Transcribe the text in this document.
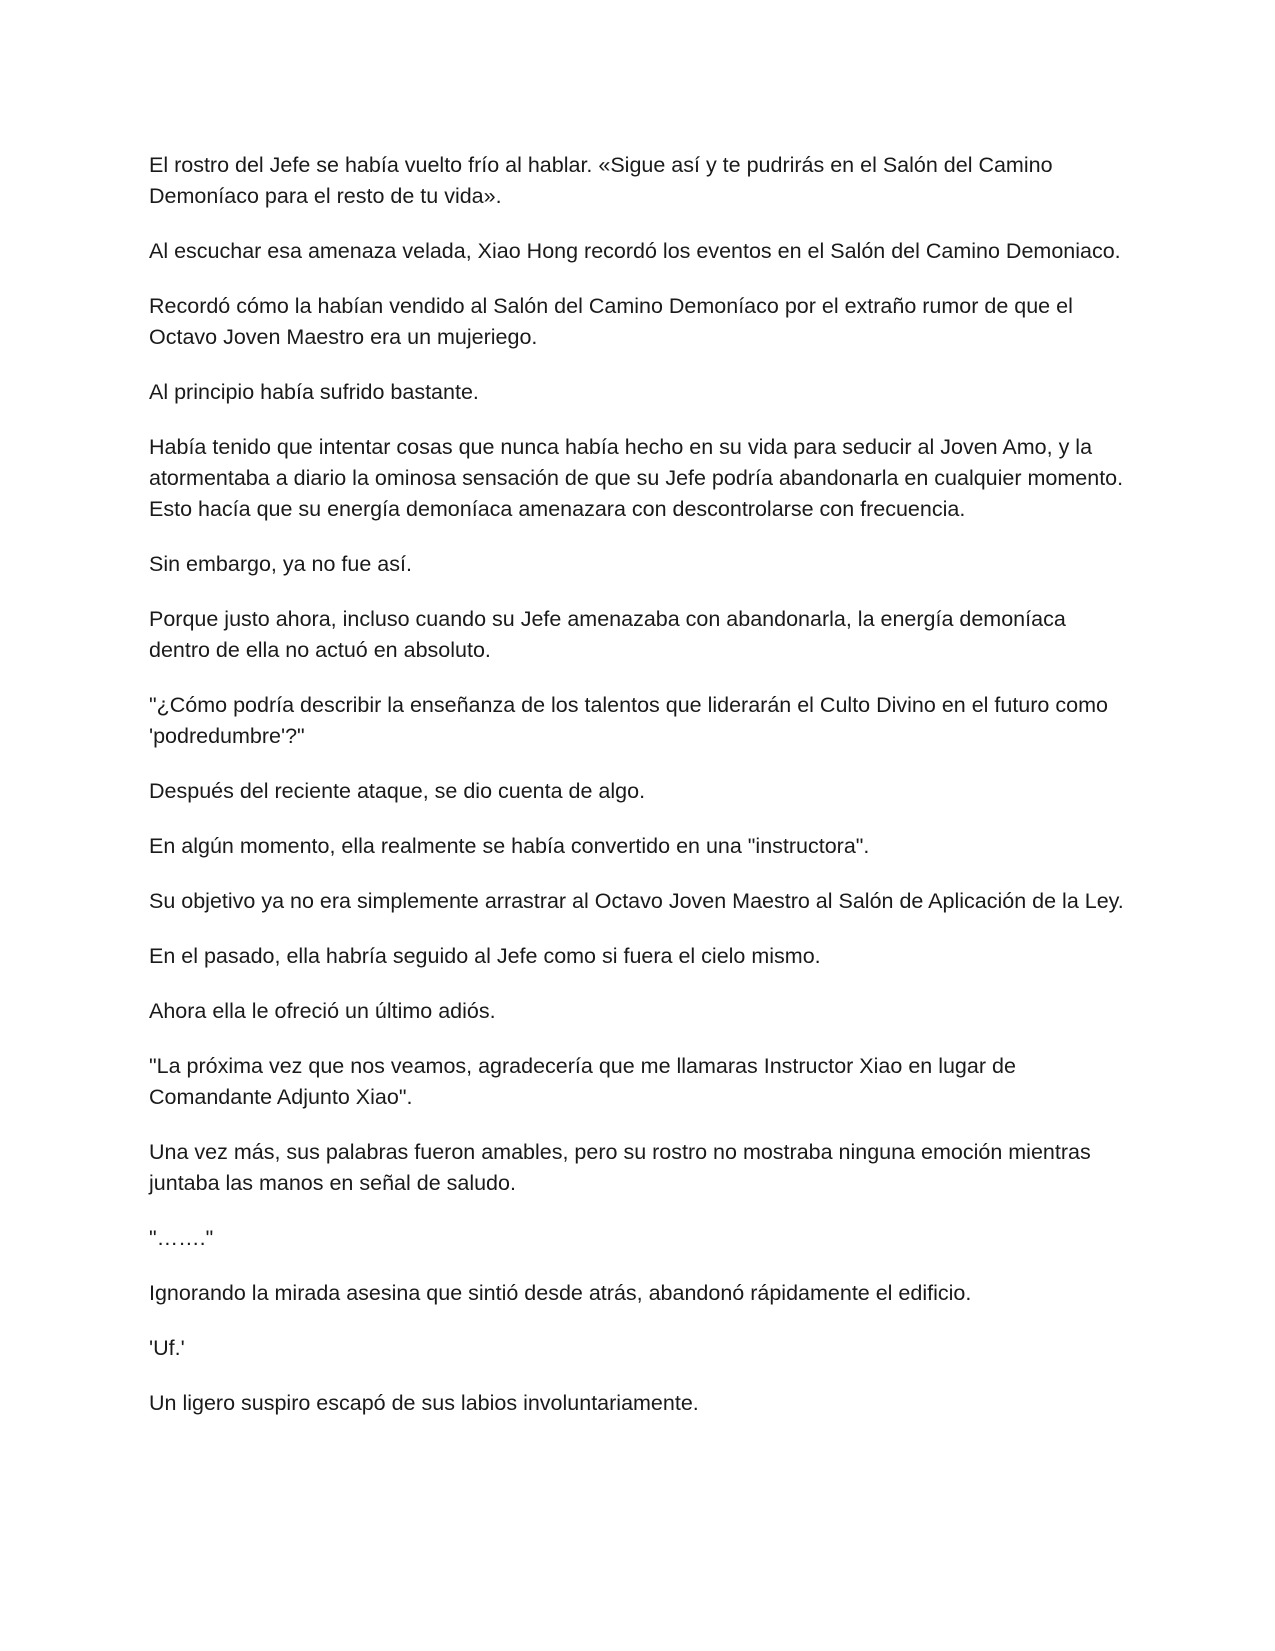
El rostro del Jefe se había vuelto frío al hablar. «Sigue así y te pudrirás en el Salón del Camino Demoníaco para el resto de tu vida».

Al escuchar esa amenaza velada, Xiao Hong recordó los eventos en el Salón del Camino Demoniaco.

Recordó cómo la habían vendido al Salón del Camino Demoníaco por el extraño rumor de que el Octavo Joven Maestro era un mujeriego.

Al principio había sufrido bastante.

Había tenido que intentar cosas que nunca había hecho en su vida para seducir al Joven Amo, y la atormentaba a diario la ominosa sensación de que su Jefe podría abandonarla en cualquier momento. Esto hacía que su energía demoníaca amenazara con descontrolarse con frecuencia.

Sin embargo, ya no fue así.

Porque justo ahora, incluso cuando su Jefe amenazaba con abandonarla, la energía demoníaca dentro de ella no actuó en absoluto.

"¿Cómo podría describir la enseñanza de los talentos que liderarán el Culto Divino en el futuro como 'podredumbre'?"

Después del reciente ataque, se dio cuenta de algo.

En algún momento, ella realmente se había convertido en una "instructora".

Su objetivo ya no era simplemente arrastrar al Octavo Joven Maestro al Salón de Aplicación de la Ley.

En el pasado, ella habría seguido al Jefe como si fuera el cielo mismo.

Ahora ella le ofreció un último adiós.

"La próxima vez que nos veamos, agradecería que me llamaras Instructor Xiao en lugar de Comandante Adjunto Xiao".

Una vez más, sus palabras fueron amables, pero su rostro no mostraba ninguna emoción mientras juntaba las manos en señal de saludo.

"……."

Ignorando la mirada asesina que sintió desde atrás, abandonó rápidamente el edificio.

'Uf.'

Un ligero suspiro escapó de sus labios involuntariamente.
